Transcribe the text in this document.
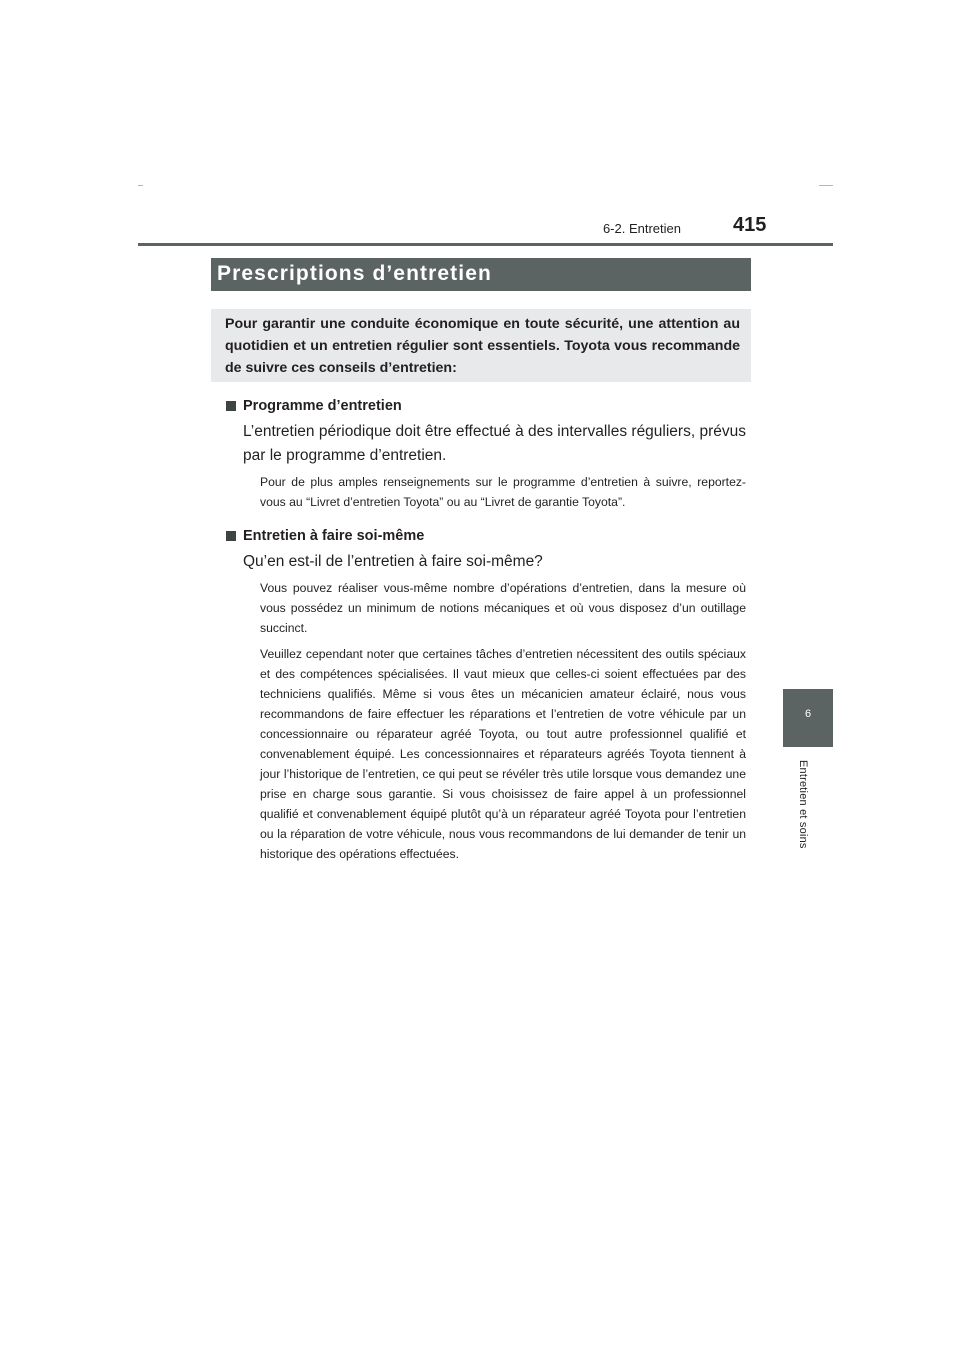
415
6-2. Entretien
6
Entretien et soins
Prescriptions d’entretien
Pour garantir une conduite économique en toute sécurité, une attention au quotidien et un entretien régulier sont essentiels. Toyota vous recommande de suivre ces conseils d’entretien:
Programme d’entretien
L’entretien périodique doit être effectué à des intervalles réguliers, prévus par le programme d’entretien.
Pour de plus amples renseignements sur le programme d’entretien à suivre, reportez-vous au “Livret d’entretien Toyota” ou au “Livret de garantie Toyota”.
Entretien à faire soi-même
Qu’en est-il de l’entretien à faire soi-même?
Vous pouvez réaliser vous-même nombre d’opérations d’entretien, dans la mesure où vous possédez un minimum de notions mécaniques et où vous disposez d’un outillage succinct.
Veuillez cependant noter que certaines tâches d’entretien nécessitent des outils spéciaux et des compétences spécialisées. Il vaut mieux que celles-ci soient effectuées par des techniciens qualifiés. Même si vous êtes un mécanicien amateur éclairé, nous vous recommandons de faire effectuer les réparations et l’entretien de votre véhicule par un concessionnaire ou réparateur agréé Toyota, ou tout autre professionnel qualifié et convenablement équipé. Les concessionnaires et réparateurs agréés Toyota tiennent à jour l’historique de l’entretien, ce qui peut se révéler très utile lorsque vous demandez une prise en charge sous garantie. Si vous choisissez de faire appel à un professionnel qualifié et convenablement équipé plutôt qu’à un réparateur agréé Toyota pour l’entretien ou la réparation de votre véhicule, nous vous recommandons de lui demander de tenir un historique des opérations effectuées.
